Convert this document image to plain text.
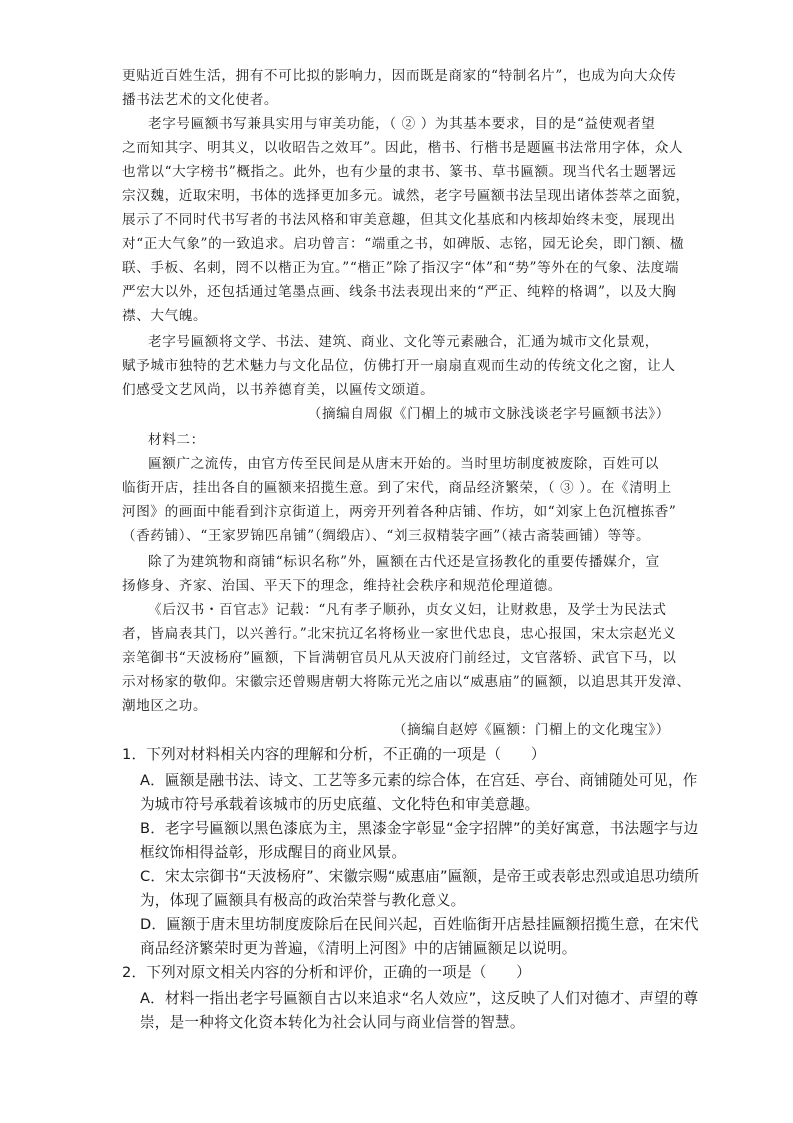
更贴近百姓生活，拥有不可比拟的影响力，因而既是商家的“特制名片”，也成为向大众传
播书法艺术的文化使者。
老字号匾额书写兼具实用与审美功能，（ ② ）为其基本要求，目的是“益使观者望
之而知其字、明其义，以收昭告之效耳”。因此，楷书、行楷书是题匾书法常用字体，众人
也常以“大字榜书”概指之。此外，也有少量的隶书、篆书、草书匾额。现当代名士题署远
宗汉魏，近取宋明，书体的选择更加多元。诚然，老字号匾额书法呈现出诸体荟萃之面貌，
展示了不同时代书写者的书法风格和审美意趣，但其文化基底和内核却始终未变，展现出
对“正大气象”的一致追求。启功曾言：“端重之书，如碑版、志铭，园无论矣，即门额、楹
联、手板、名刺，罔不以楷正为宜。”“楷正”除了指汉字“体”和“势”等外在的气象、法度端
严宏大以外，还包括通过笔墨点画、线条书法表现出来的“严正、纯粹的格调”，以及大胸
襟、大气魄。
老字号匾额将文学、书法、建筑、商业、文化等元素融合，汇通为城市文化景观，
赋予城市独特的艺术魅力与文化品位，仿佛打开一扇扇直观而生动的传统文化之窗，让人
们感受文艺风尚，以书养德育美，以匾传文颂道。
（摘编自周俶《门楣上的城市文脉浅谈老字号匾额书法》）
材料二：
匾额广之流传，由官方传至民间是从唐末开始的。当时里坊制度被废除，百姓可以
临街开店，挂出各自的匾额来招揽生意。到了宋代，商品经济繁荣，（ ③ ）。在《清明上
河图》的画面中能看到汴京街道上，两旁开列着各种店铺、作坊，如“刘家上色沉檀拣香”
（香药铺）、“王家罗锦匹帛铺”（绸缎店）、“刘三叔精装字画”（裱古斋装画铺）等等。
除了为建筑物和商铺“标识名称”外，匾额在古代还是宣扬教化的重要传播媒介，宣
扬修身、齐家、治国、平天下的理念，维持社会秩序和规范伦理道德。
《后汉书・百官志》记载：“凡有孝子顺孙，贞女义妇，让财救患，及学士为民法式
者，皆扁表其门，以兴善行。”北宋抗辽名将杨业一家世代忠良，忠心报国，宋太宗赵光义
亲笔御书“天波杨府”匾额，下旨满朝官员凡从天波府门前经过，文官落轿、武官下马，以
示对杨家的敬仰。宋徽宗还曾赐唐朝大将陈元光之庙以“威惠庙”的匾额，以追思其开发漳、
潮地区之功。
（摘编自赵婷《匾额：门楣上的文化瑰宝》）
1．下列对材料相关内容的理解和分析，不正确的一项是（　　）
A．匾额是融书法、诗文、工艺等多元素的综合体，在宫廷、亭台、商铺随处可见，作
为城市符号承载着该城市的历史底蕴、文化特色和审美意趣。
B．老字号匾额以黑色漆底为主，黑漆金字彰显“金字招牌”的美好寓意，书法题字与边
框纹饰相得益彰，形成醒目的商业风景。
C．宋太宗御书“天波杨府”、宋徽宗赐“威惠庙”匾额，是帝王或表彰忠烈或追思功绩所
为，体现了匾额具有极高的政治荣誉与教化意义。
D．匾额于唐末里坊制度废除后在民间兴起，百姓临街开店悬挂匾额招揽生意，在宋代
商品经济繁荣时更为普遍，《清明上河图》中的店铺匾额足以说明。
2．下列对原文相关内容的分析和评价，正确的一项是（　　）
A．材料一指出老字号匾额自古以来追求“名人效应”，这反映了人们对德才、声望的尊
崇，是一种将文化资本转化为社会认同与商业信誉的智慧。
